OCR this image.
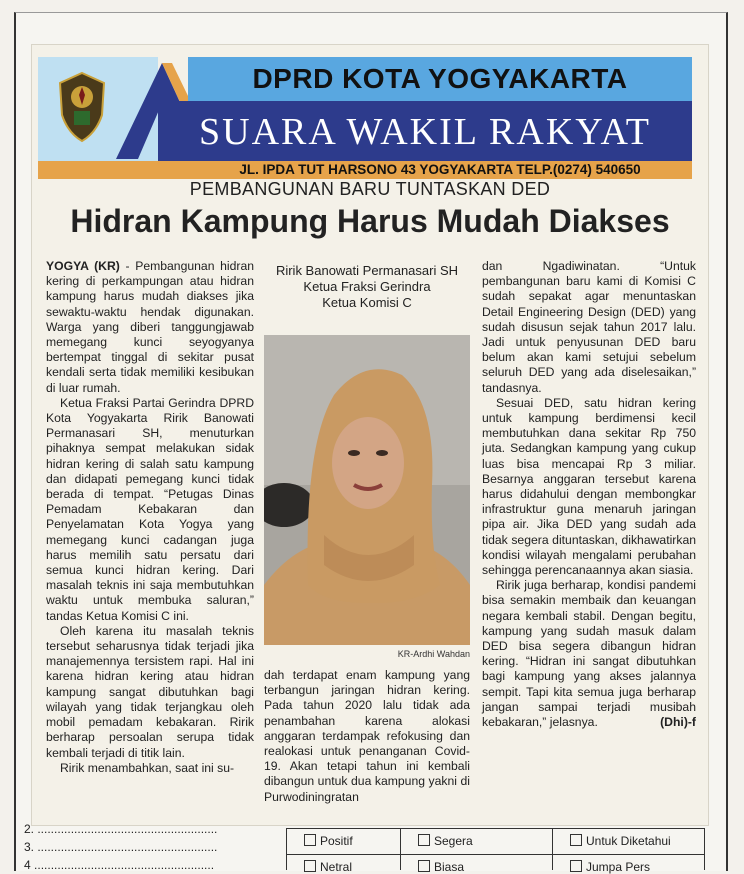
DPRD KOTA YOGYAKARTA
SUARA WAKIL RAKYAT
JL. IPDA TUT HARSONO 43 YOGYAKARTA TELP.(0274) 540650
PEMBANGUNAN BARU TUNTASKAN DED
Hidran Kampung Harus Mudah Diakses

YOGYA (KR) - Pembangunan hidran kering di perkampungan atau hidran kampung harus mudah diakses jika sewaktu-waktu hendak digunakan. Warga yang diberi tanggungjawab memegang kunci seyogyanya bertempat tinggal di sekitar pusat kendali serta tidak memiliki kesibukan di luar rumah.

Ketua Fraksi Partai Gerindra DPRD Kota Yogyakarta Ririk Banowati Permanasari SH, menuturkan pihaknya sempat melakukan sidak hidran kering di salah satu kampung dan didapati pemegang kunci tidak berada di tempat. “Petugas Dinas Pemadam Kebakaran dan Penyelamatan Kota Yogya yang memegang kunci cadangan juga harus memilih satu persatu dari semua kunci hidran kering. Dari masalah teknis ini saja membutuhkan waktu untuk membuka saluran,” tandas Ketua Komisi C ini.

Oleh karena itu masalah teknis tersebut seharusnya tidak terjadi jika manajemennya tersistem rapi. Hal ini karena hidran kering atau hidran kampung sangat dibutuhkan bagi wilayah yang tidak terjangkau oleh mobil pemadam kebakaran. Ririk berharap persoalan serupa tidak kembali terjadi di titik lain.

Ririk menambahkan, saat ini su-

Ririk Banowati Permanasari SH
Ketua Fraksi Gerindra
Ketua Komisi C
KR-Ardhi Wahdan

dah terdapat enam kampung yang terbangun jaringan hidran kering. Pada tahun 2020 lalu tidak ada penambahan karena alokasi anggaran terdampak refokusing dan realokasi untuk penanganan Covid-19. Akan tetapi tahun ini kembali dibangun untuk dua kampung yakni di Purwodiningratan

dan Ngadiwinatan. “Untuk pembangunan baru kami di Komisi C sudah sepakat agar menuntaskan Detail Engineering Design (DED) yang sudah disusun sejak tahun 2017 lalu. Jadi untuk penyusunan DED baru belum akan kami setujui sebelum seluruh DED yang ada diselesaikan,” tandasnya.

Sesuai DED, satu hidran kering untuk kampung berdimensi kecil membutuhkan dana sekitar Rp 750 juta. Sedangkan kampung yang cukup luas bisa mencapai Rp 3 miliar. Besarnya anggaran tersebut karena harus didahului dengan membongkar infrastruktur guna menaruh jaringan pipa air. Jika DED yang sudah ada tidak segera dituntaskan, dikhawatirkan kondisi wilayah mengalami perubahan sehingga perencanaannya akan siasia.

Ririk juga berharap, kondisi pandemi bisa semakin membaik dan keuangan negara kembali stabil. Dengan begitu, kampung yang sudah masuk dalam DED bisa segera dibangun hidran kering. “Hidran ini sangat dibutuhkan bagi kampung yang akses jalannya sempit. Tapi kita semua juga berharap jangan sampai terjadi musibah kebakaran,” jelasnya.	(Dhi)-f

2. ......................................................
3. ......................................................
4 ......................................................
Positif	Segera	Untuk Diketahui
Netral	Biasa	Jumpa Pers
